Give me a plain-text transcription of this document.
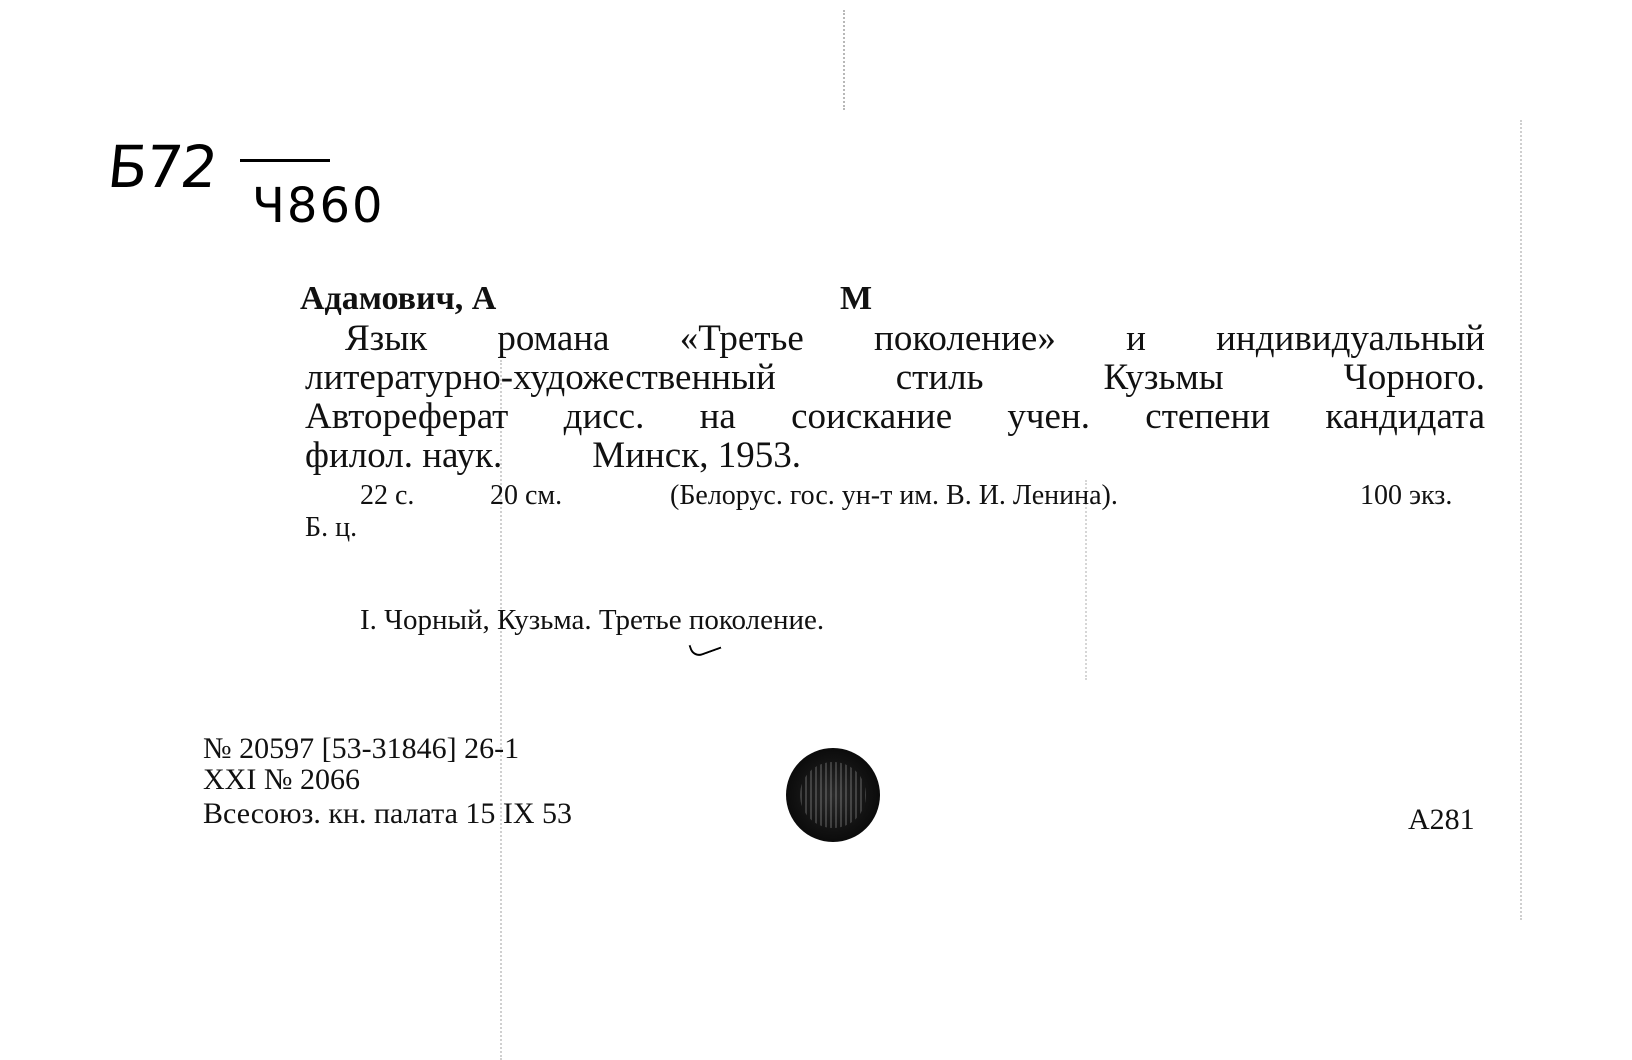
Б72
Ч860
Адамович, А	М
Язык романа «Третье поколение» и индивидуальный
литературно-художественный стиль Кузьмы Чорного.
Автореферат дисс. на соискание учен. степени кандидата
филол. наук. Минск, 1953.
22 с.	20 см.	(Белорус. гос. ун-т им. В. И. Ленина).	100 экз.
Б. ц.
I. Чорный, Кузьма. Третье поколение.
№ 20597 [53-31846] 26-1
XXI № 2066
Всесоюз. кн. палата 15 IX 53	A281
